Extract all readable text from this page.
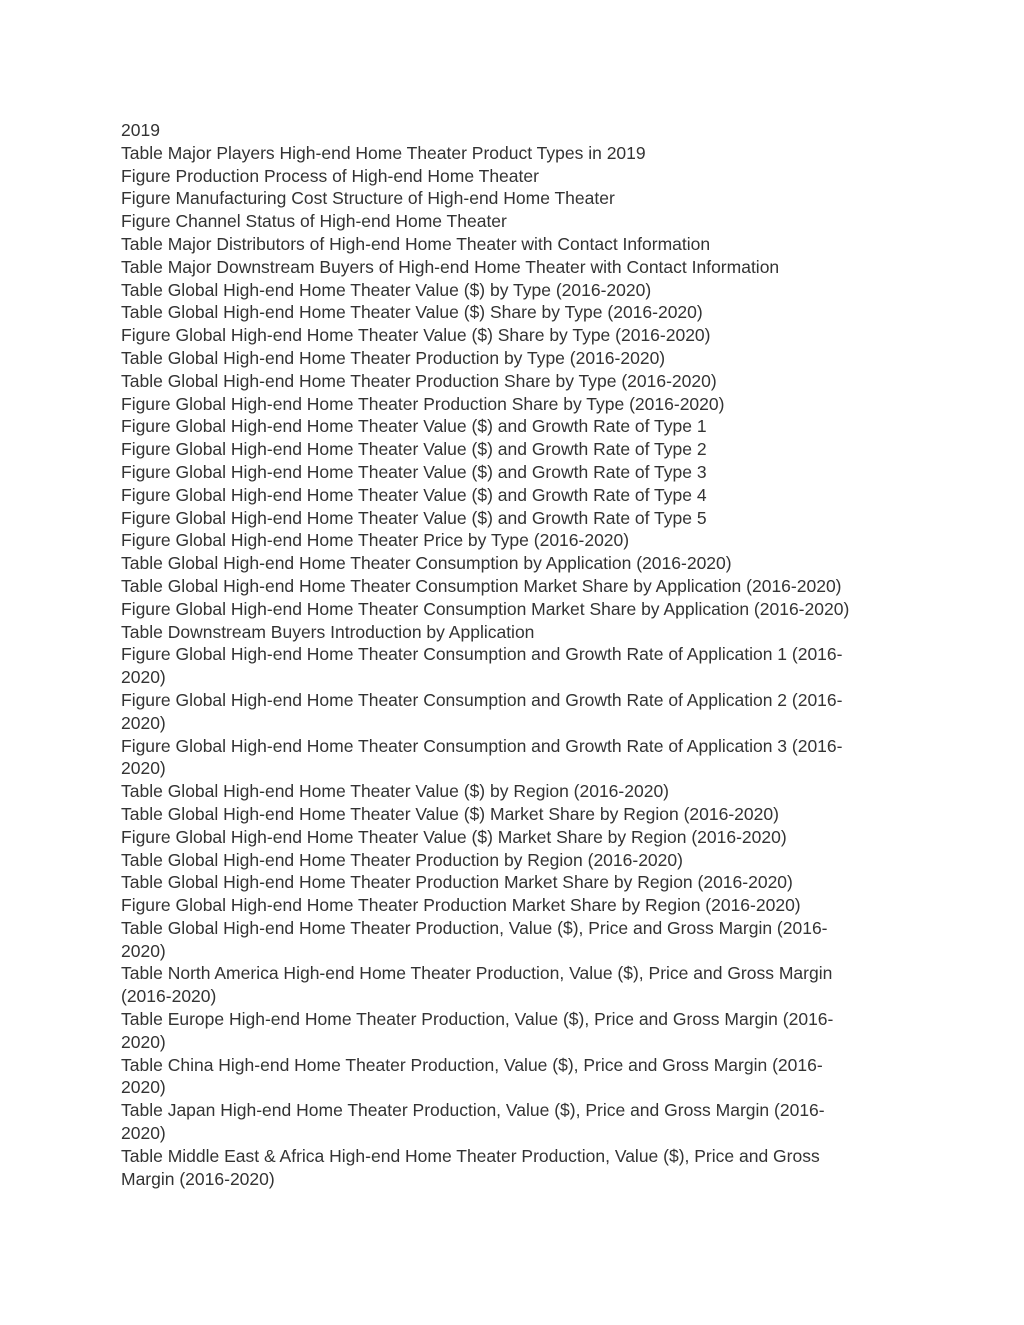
2019
Table Major Players High-end Home Theater Product Types in 2019
Figure Production Process of High-end Home Theater
Figure Manufacturing Cost Structure of High-end Home Theater
Figure Channel Status of High-end Home Theater
Table Major Distributors of High-end Home Theater with Contact Information
Table Major Downstream Buyers of High-end Home Theater with Contact Information
Table Global High-end Home Theater Value ($) by Type (2016-2020)
Table Global High-end Home Theater Value ($) Share by Type (2016-2020)
Figure Global High-end Home Theater Value ($) Share by Type (2016-2020)
Table Global High-end Home Theater Production by Type (2016-2020)
Table Global High-end Home Theater Production Share by Type (2016-2020)
Figure Global High-end Home Theater Production Share by Type (2016-2020)
Figure Global High-end Home Theater Value ($) and Growth Rate of Type 1
Figure Global High-end Home Theater Value ($) and Growth Rate of Type 2
Figure Global High-end Home Theater Value ($) and Growth Rate of Type 3
Figure Global High-end Home Theater Value ($) and Growth Rate of Type 4
Figure Global High-end Home Theater Value ($) and Growth Rate of Type 5
Figure Global High-end Home Theater Price by Type (2016-2020)
Table Global High-end Home Theater Consumption by Application (2016-2020)
Table Global High-end Home Theater Consumption Market Share by Application (2016-2020)
Figure Global High-end Home Theater Consumption Market Share by Application (2016-2020)
Table Downstream Buyers Introduction by Application
Figure Global High-end Home Theater Consumption and Growth Rate of Application 1 (2016-
2020)
Figure Global High-end Home Theater Consumption and Growth Rate of Application 2 (2016-
2020)
Figure Global High-end Home Theater Consumption and Growth Rate of Application 3 (2016-
2020)
Table Global High-end Home Theater Value ($) by Region (2016-2020)
Table Global High-end Home Theater Value ($) Market Share by Region (2016-2020)
Figure Global High-end Home Theater Value ($) Market Share by Region (2016-2020)
Table Global High-end Home Theater Production by Region (2016-2020)
Table Global High-end Home Theater Production Market Share by Region (2016-2020)
Figure Global High-end Home Theater Production Market Share by Region (2016-2020)
Table Global High-end Home Theater Production, Value ($), Price and Gross Margin (2016-
2020)
Table North America High-end Home Theater Production, Value ($), Price and Gross Margin
(2016-2020)
Table Europe High-end Home Theater Production, Value ($), Price and Gross Margin (2016-
2020)
Table China High-end Home Theater Production, Value ($), Price and Gross Margin (2016-
2020)
Table Japan High-end Home Theater Production, Value ($), Price and Gross Margin (2016-
2020)
Table Middle East & Africa High-end Home Theater Production, Value ($), Price and Gross
Margin (2016-2020)
